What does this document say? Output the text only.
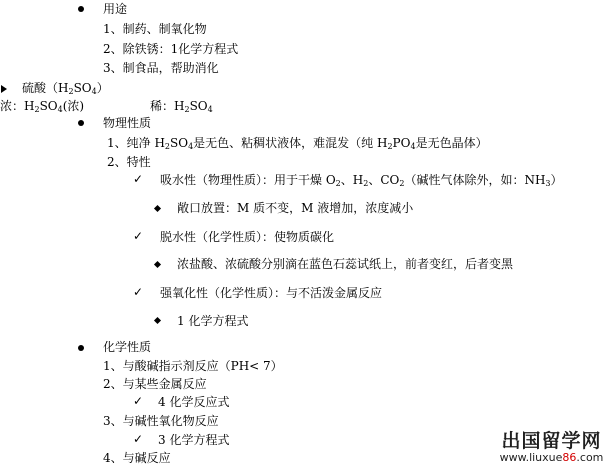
用途
1、制药、制氧化物
2、除铁锈：1化学方程式
3、制食品，帮助消化
硫酸$(H_2SO_4)$
浓：$H_2SO_4$(浓)	稀：$H_2SO_4$
物理性质
1、纯净 $H_2SO_4$是无色、粘稠状液体，难混发（纯 $H_2PO_4$是无色晶体）
2、特性
✓ 吸水性（物理性质）：用于干燥 $O_2$、$H_2$、$CO_2$（碱性气体除外，如：$NH_3$）
敞口放置：M 质不变，M 液增加，浓度减小
✓ 脱水性（化学性质）：使物质碳化
浓盐酸、浓硫酸分别滴在蓝色石蕊试纸上，前者变红，后者变黑
✓ 强氧化性（化学性质）：与不活泼金属反应
1 化学方程式
化学性质
1、与酸碱指示剂反应（PH< 7）
2、与某些金属反应
✓ 4 化学反应式
3、与碱性氧化物反应
✓ 3 化学方程式
4、与碱反应
出国留学网
www.liuxue86.com
